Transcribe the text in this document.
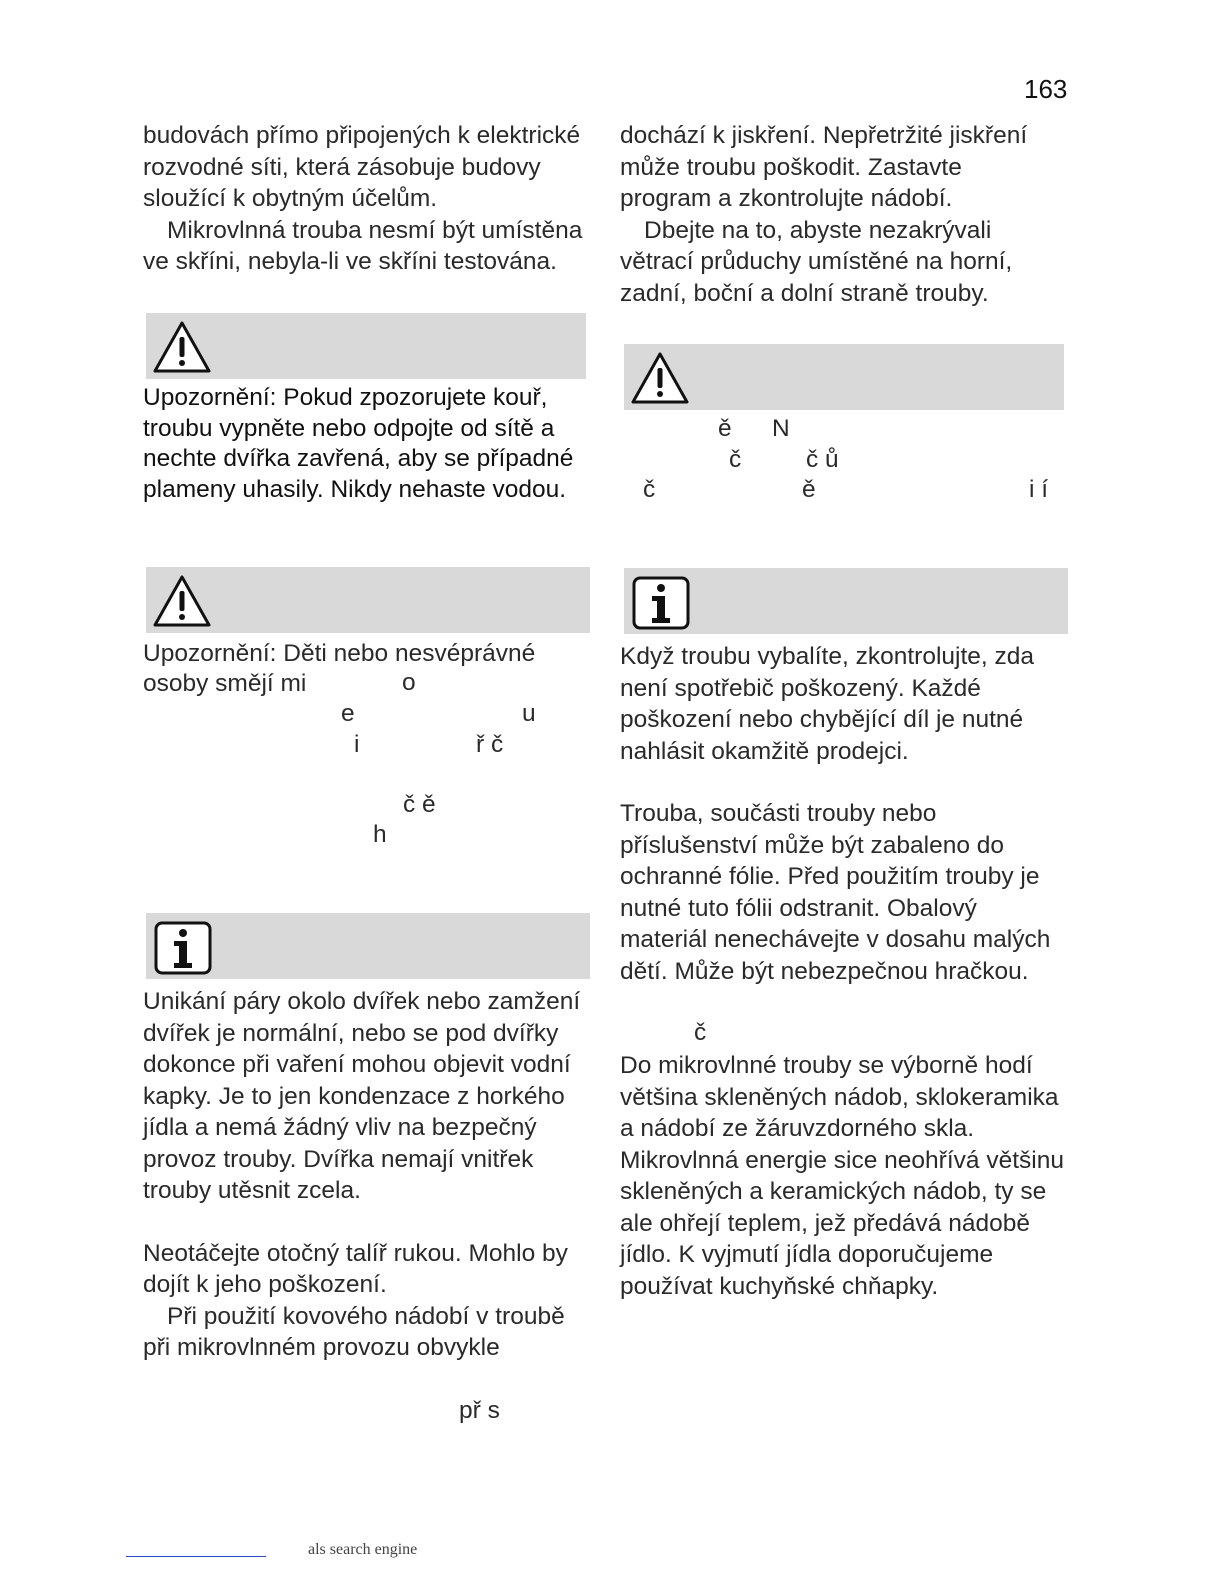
163

budovách přímo připojených k elektrické rozvodné síti, která zásobuje budovy sloužící k obytným účelům.

Mikrovlnná trouba nesmí být umístěna ve skříni, nebyla-li ve skříni testována.

Upozornění: Pokud zpozorujete kouř, troubu vypněte nebo odpojte od sítě a nechte dvířka zavřená, aby se případné plameny uhasily. Nikdy nehaste vodou.

Upozornění: Děti nebo nesvéprávné
osoby smějí mi	o
e	u
i	ř č
č ě
h

Unikání páry okolo dvířek nebo zamžení dvířek je normální, nebo se pod dvířky dokonce při vaření mohou objevit vodní kapky. Je to jen kondenzace z horkého jídla a nemá žádný vliv na bezpečný provoz trouby. Dvířka nemají vnitřek trouby utěsnit zcela.

Neotáčejte otočný talíř rukou. Mohlo by dojít k jeho poškození.

Při použití kovového nádobí v troubě při mikrovlnném provozu obvykle

př s

dochází k jiskření. Nepřetržité jiskření může troubu poškodit. Zastavte program a zkontrolujte nádobí.

Dbejte na to, abyste nezakrývali větrací průduchy umístěné na horní, zadní, boční a dolní straně trouby.

ě N
č	č ů
č	ě	i í

Když troubu vybalíte, zkontrolujte, zda není spotřebič poškozený. Každé poškození nebo chybějící díl je nutné nahlásit okamžitě prodejci.

Trouba, součásti trouby nebo příslušenství může být zabaleno do ochranné fólie. Před použitím trouby je nutné tuto fólii odstranit. Obalový materiál nenechávejte v dosahu malých dětí. Může být nebezpečnou hračkou.

č

Do mikrovlnné trouby se výborně hodí většina skleněných nádob, sklokeramika a nádobí ze žáruvzdorného skla. Mikrovlnná energie sice neohřívá většinu skleněných a keramických nádob, ty se ale ohřejí teplem, jež předává nádobě jídlo. K vyjmutí jídla doporučujeme používat kuchyňské chňapky.

als search engine
